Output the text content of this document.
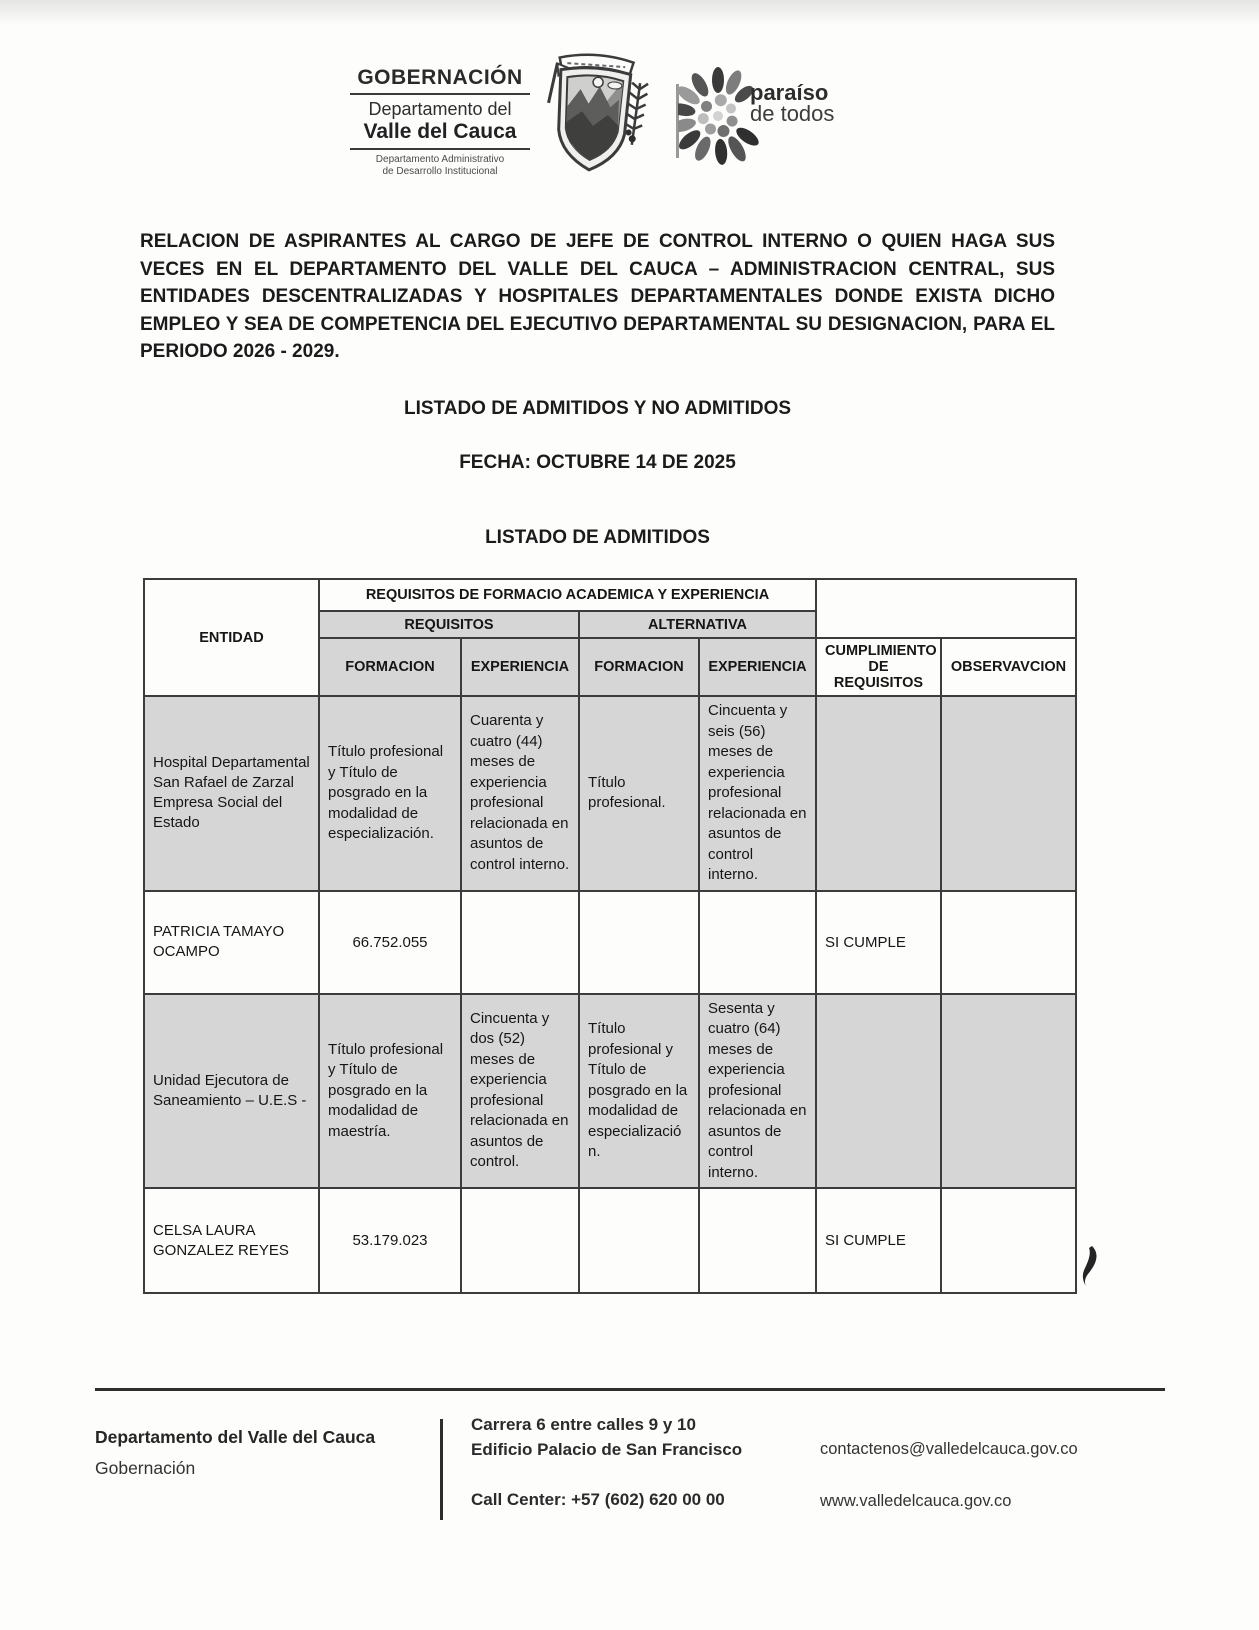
GOBERNACIÓN
Departamento del
Valle del Cauca
Departamento Administrativo
de Desarrollo Institucional
paraíso
de todos
RELACION DE ASPIRANTES AL CARGO DE JEFE DE CONTROL INTERNO O QUIEN HAGA SUS VECES EN EL DEPARTAMENTO DEL VALLE DEL CAUCA – ADMINISTRACION CENTRAL, SUS ENTIDADES DESCENTRALIZADAS Y HOSPITALES DEPARTAMENTALES DONDE EXISTA DICHO EMPLEO Y SEA DE COMPETENCIA DEL EJECUTIVO DEPARTAMENTAL SU DESIGNACION, PARA EL PERIODO 2026 - 2029.
LISTADO DE ADMITIDOS Y NO ADMITIDOS
FECHA: OCTUBRE 14 DE 2025
LISTADO DE ADMITIDOS
ENTIDAD	REQUISITOS DE FORMACIO ACADEMICA Y EXPERIENCIA					
	REQUISITOS		ALTERNATIVA			
	FORMACION	EXPERIENCIA	FORMACION	EXPERIENCIA	CUMPLIMIENTO DE REQUISITOS	OBSERVAVCION
Hospital Departamental San Rafael de Zarzal Empresa Social del Estado	Título profesional y Título de posgrado en la modalidad de especialización.	Cuarenta y cuatro (44) meses de experiencia profesional relacionada en asuntos de control interno.	Título profesional.	Cincuenta y seis (56) meses de experiencia profesional relacionada en asuntos de control interno.		
PATRICIA TAMAYO OCAMPO	66.752.055				SI CUMPLE	
Unidad Ejecutora de Saneamiento – U.E.S -	Título profesional y Título de posgrado en la modalidad de maestría.	Cincuenta y dos (52) meses de experiencia profesional relacionada en asuntos de control.	Título profesional y Título de posgrado en la modalidad de especializació n.	Sesenta y cuatro (64) meses de experiencia profesional relacionada en asuntos de control interno.		
CELSA LAURA GONZALEZ REYES	53.179.023				SI CUMPLE	
Departamento del Valle del Cauca
Gobernación
Carrera 6 entre calles 9 y 10
Edificio Palacio de San Francisco
Call Center: +57 (602) 620 00 00
contactenos@valledelcauca.gov.co
www.valledelcauca.gov.co
